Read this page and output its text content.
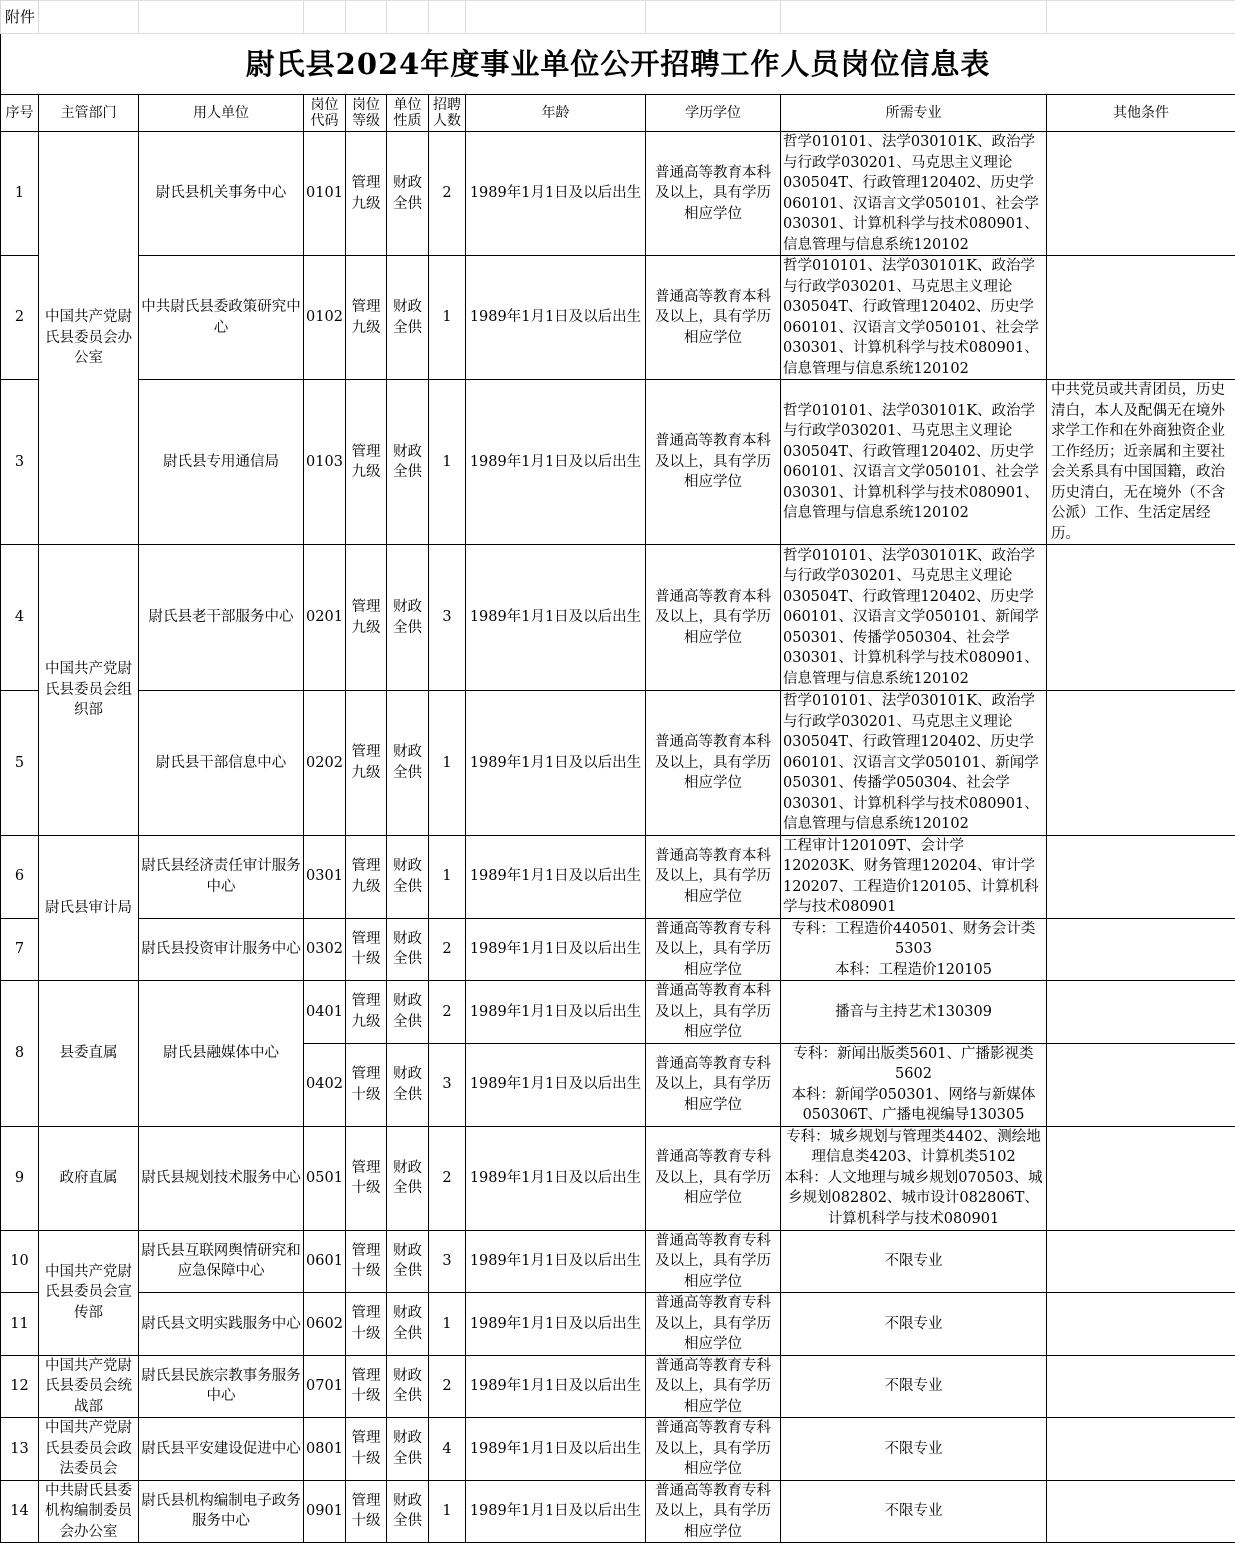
附件										
尉氏县2024年度事业单位公开招聘工作人员岗位信息表										
序号	主管部门	用人单位	岗位代码	岗位等级	单位性质	招聘人数	年龄	学历学位	所需专业	其他条件
1	中国共产党尉氏县委员会办公室	尉氏县机关事务中心	0101	管理九级	财政全供	2	1989年1月1日及以后出生	普通高等教育本科及以上，具有学历相应学位	哲学010101、法学030101K、政治学与行政学030201、马克思主义理论030504T、行政管理120402、历史学060101、汉语言文学050101、社会学030301、计算机科学与技术080901、信息管理与信息系统120102	
2		中共尉氏县委政策研究中心	0102	管理九级	财政全供	1	1989年1月1日及以后出生	普通高等教育本科及以上，具有学历相应学位	哲学010101、法学030101K、政治学与行政学030201、马克思主义理论030504T、行政管理120402、历史学060101、汉语言文学050101、社会学030301、计算机科学与技术080901、信息管理与信息系统120102	
3		尉氏县专用通信局	0103	管理九级	财政全供	1	1989年1月1日及以后出生	普通高等教育本科及以上，具有学历相应学位	哲学010101、法学030101K、政治学与行政学030201、马克思主义理论030504T、行政管理120402、历史学060101、汉语言文学050101、社会学030301、计算机科学与技术080901、信息管理与信息系统120102	中共党员或共青团员，历史清白，本人及配偶无在境外求学工作和在外商独资企业工作经历；近亲属和主要社会关系具有中国国籍，政治历史清白，无在境外（不含公派）工作、生活定居经历。
4	中国共产党尉氏县委员会组织部	尉氏县老干部服务中心	0201	管理九级	财政全供	3	1989年1月1日及以后出生	普通高等教育本科及以上，具有学历相应学位	哲学010101、法学030101K、政治学与行政学030201、马克思主义理论030504T、行政管理120402、历史学060101、汉语言文学050101、新闻学050301、传播学050304、社会学030301、计算机科学与技术080901、信息管理与信息系统120102	
5		尉氏县干部信息中心	0202	管理九级	财政全供	1	1989年1月1日及以后出生	普通高等教育本科及以上，具有学历相应学位	哲学010101、法学030101K、政治学与行政学030201、马克思主义理论030504T、行政管理120402、历史学060101、汉语言文学050101、新闻学050301、传播学050304、社会学030301、计算机科学与技术080901、信息管理与信息系统120102	
6	尉氏县审计局	尉氏县经济责任审计服务中心	0301	管理九级	财政全供	1	1989年1月1日及以后出生	普通高等教育本科及以上，具有学历相应学位	工程审计120109T、会计学120203K、财务管理120204、审计学120207、工程造价120105、计算机科学与技术080901	
7		尉氏县投资审计服务中心	0302	管理十级	财政全供	2	1989年1月1日及以后出生	普通高等教育专科及以上，具有学历相应学位	专科：工程造价440501、财务会计类5303
本科：工程造价120105	
8	县委直属	尉氏县融媒体中心	0401	管理九级	财政全供	2	1989年1月1日及以后出生	普通高等教育本科及以上，具有学历相应学位	播音与主持艺术130309	
			0402	管理十级	财政全供	3	1989年1月1日及以后出生	普通高等教育专科及以上，具有学历相应学位	专科：新闻出版类5601、广播影视类5602
本科：新闻学050301、网络与新媒体050306T、广播电视编导130305	
9	政府直属	尉氏县规划技术服务中心	0501	管理十级	财政全供	2	1989年1月1日及以后出生	普通高等教育专科及以上，具有学历相应学位	专科：城乡规划与管理类4402、测绘地理信息类4203、计算机类5102
本科：人文地理与城乡规划070503、城乡规划082802、城市设计082806T、计算机科学与技术080901	
10	中国共产党尉氏县委员会宣传部	尉氏县互联网舆情研究和应急保障中心	0601	管理十级	财政全供	3	1989年1月1日及以后出生	普通高等教育专科及以上，具有学历相应学位	不限专业	
11		尉氏县文明实践服务中心	0602	管理十级	财政全供	1	1989年1月1日及以后出生	普通高等教育专科及以上，具有学历相应学位	不限专业	
12	中国共产党尉氏县委员会统战部	尉氏县民族宗教事务服务中心	0701	管理十级	财政全供	2	1989年1月1日及以后出生	普通高等教育专科及以上，具有学历相应学位	不限专业	
13	中国共产党尉氏县委员会政法委员会	尉氏县平安建设促进中心	0801	管理十级	财政全供	4	1989年1月1日及以后出生	普通高等教育专科及以上，具有学历相应学位	不限专业	
14	中共尉氏县委机构编制委员会办公室	尉氏县机构编制电子政务服务中心	0901	管理十级	财政全供	1	1989年1月1日及以后出生	普通高等教育专科及以上，具有学历相应学位	不限专业	
